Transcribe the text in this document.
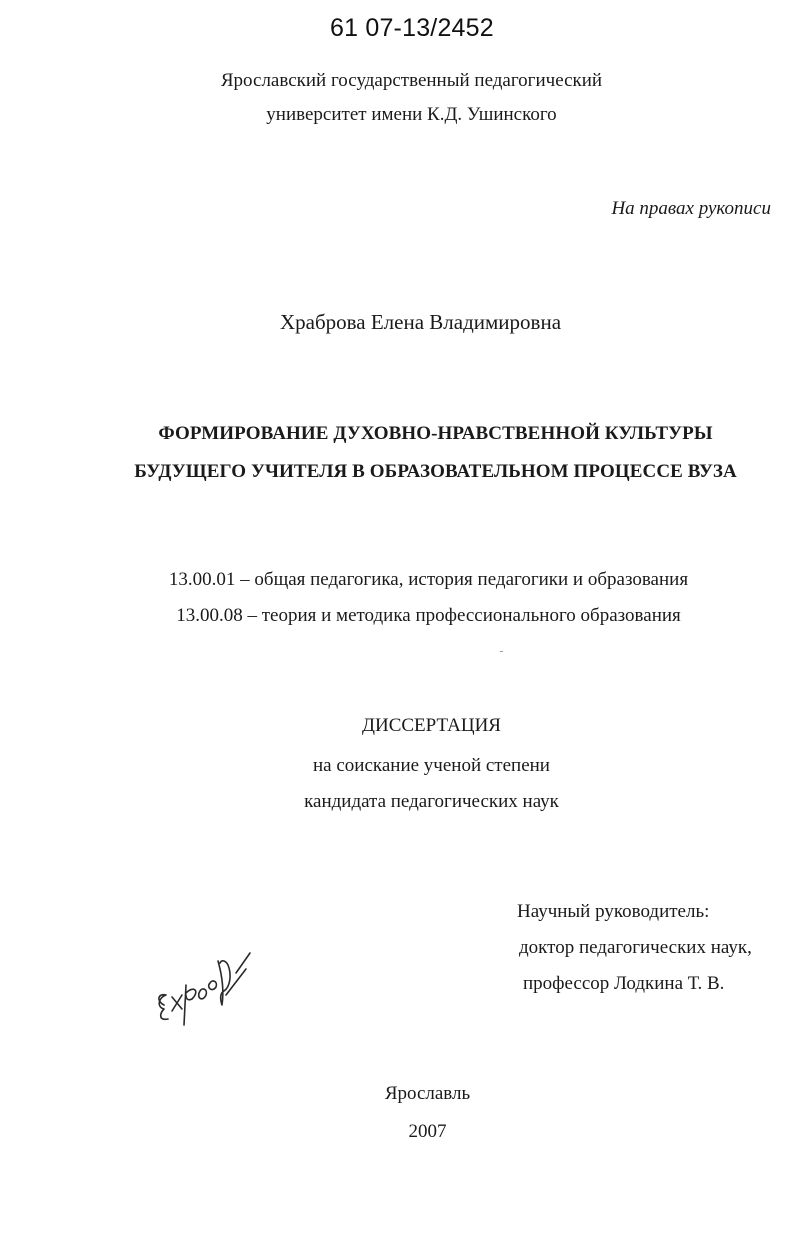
61 07-13/2452
Ярославский государственный педагогический
университет имени К.Д. Ушинского
На правах рукописи
Храброва Елена Владимировна
ФОРМИРОВАНИЕ ДУХОВНО-НРАВСТВЕННОЙ КУЛЬТУРЫ
БУДУЩЕГО УЧИТЕЛЯ В ОБРАЗОВАТЕЛЬНОМ ПРОЦЕССЕ ВУЗА
13.00.01 – общая педагогика, история педагогики и образования
13.00.08 – теория и методика профессионального образования
ДИССЕРТАЦИЯ
на соискание ученой степени
кандидата педагогических наук
Научный руководитель:
доктор педагогических наук,
профессор Лодкина Т. В.
Ярославль
2007
